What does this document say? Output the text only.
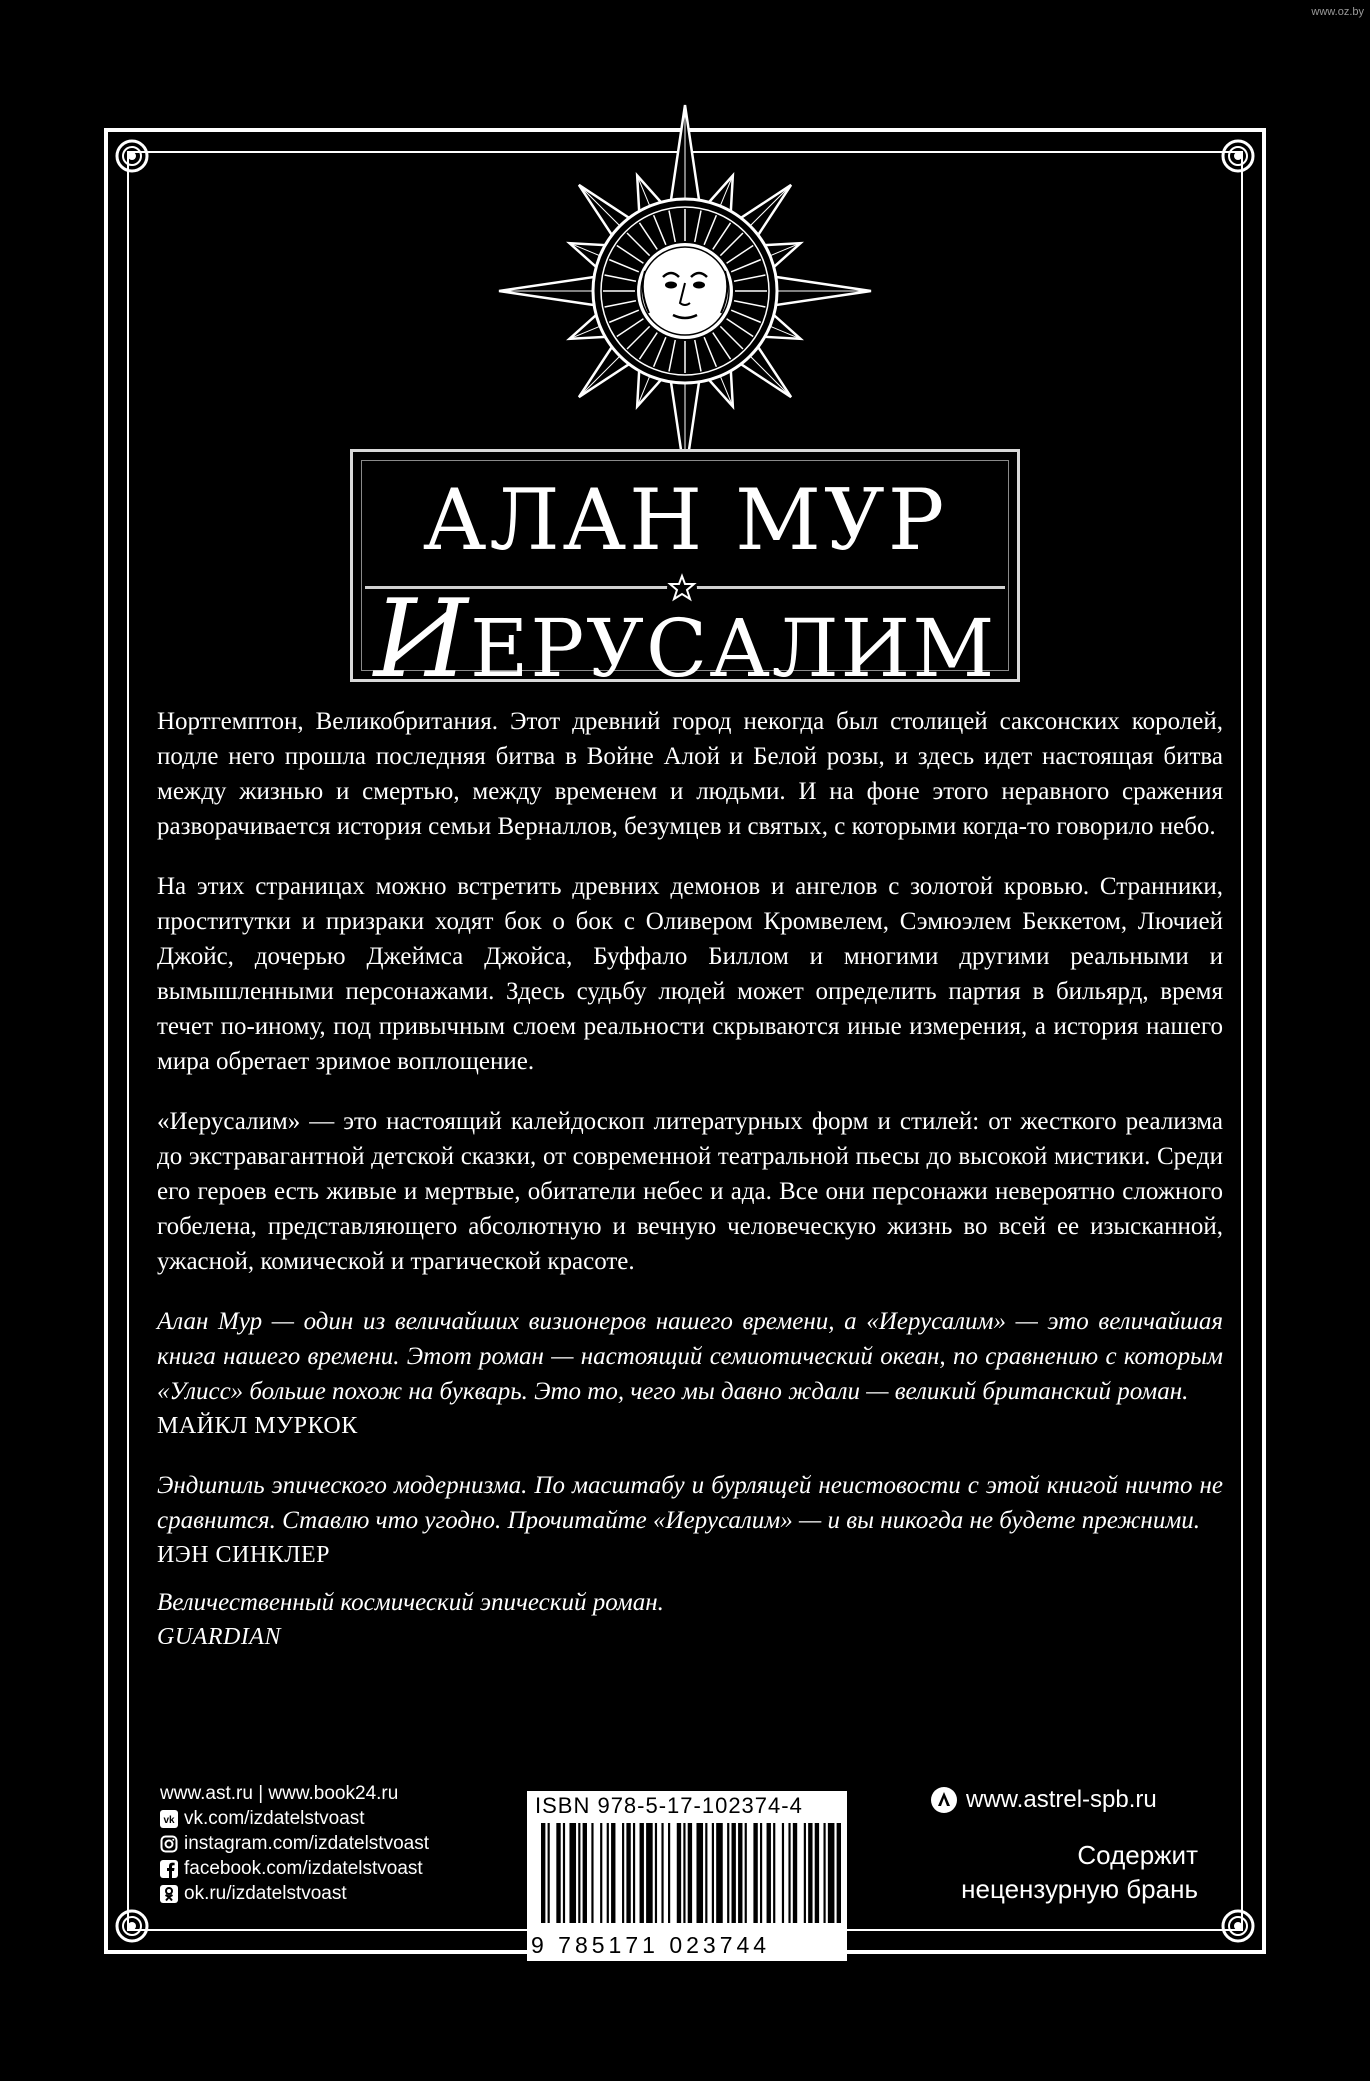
www.oz.by
АЛАН МУР
ИЕРУСАЛИМ

Нортгемптон, Великобритания. Этот древний город некогда был столицей саксонских королей, подле него прошла последняя битва в Войне Алой и Белой розы, и здесь идет настоящая битва между жизнью и смертью, между временем и людьми. И на фоне этого неравного сражения разворачивается история семьи Верналлов, безумцев и святых, с которыми когда-то говорило небо.

На этих страницах можно встретить древних демонов и ангелов с золотой кровью. Странники, проститутки и призраки ходят бок о бок с Оливером Кромвелем, Сэмюэлем Беккетом, Лючией Джойс, дочерью Джеймса Джойса, Буффало Биллом и многими другими реальными и вымышленными персонажами. Здесь судьбу людей может определить партия в бильярд, время течет по-иному, под привычным слоем реальности скрываются иные измерения, а история нашего мира обретает зримое воплощение.

«Иерусалим» — это настоящий калейдоскоп литературных форм и стилей: от жесткого реализма до экстравагантной детской сказки, от современной театральной пьесы до высокой мистики. Среди его героев есть живые и мертвые, обитатели небес и ада. Все они персонажи невероятно сложного гобелена, представляющего абсолютную и вечную человеческую жизнь во всей ее изысканной, ужасной, комической и трагической красоте.

Алан Мур — один из величайших визионеров нашего времени, а «Иерусалим» — это величайшая книга нашего времени. Этот роман — настоящий семиотический океан, по сравнению с которым «Улисс» больше похож на букварь. Это то, чего мы давно ждали — великий британский роман.

МАЙКЛ МУРКОК

Эндшпиль эпического модернизма. По масштабу и бурлящей неистовости с этой книгой ничто не сравнится. Ставлю что угодно. Прочитайте «Иерусалим» — и вы никогда не будете прежними.

ИЭН СИНКЛЕР

Величественный космический эпический роман.

GUARDIAN

www.ast.ru | www.book24.ru
vk vk.com/izdatelstvoast
instagram.com/izdatelstvoast
facebook.com/izdatelstvoast
ok.ru/izdatelstvoast
ISBN 978-5-17-102374-4
9 785171 023744
www.astrel-spb.ru
Содержит
нецензурную брань
